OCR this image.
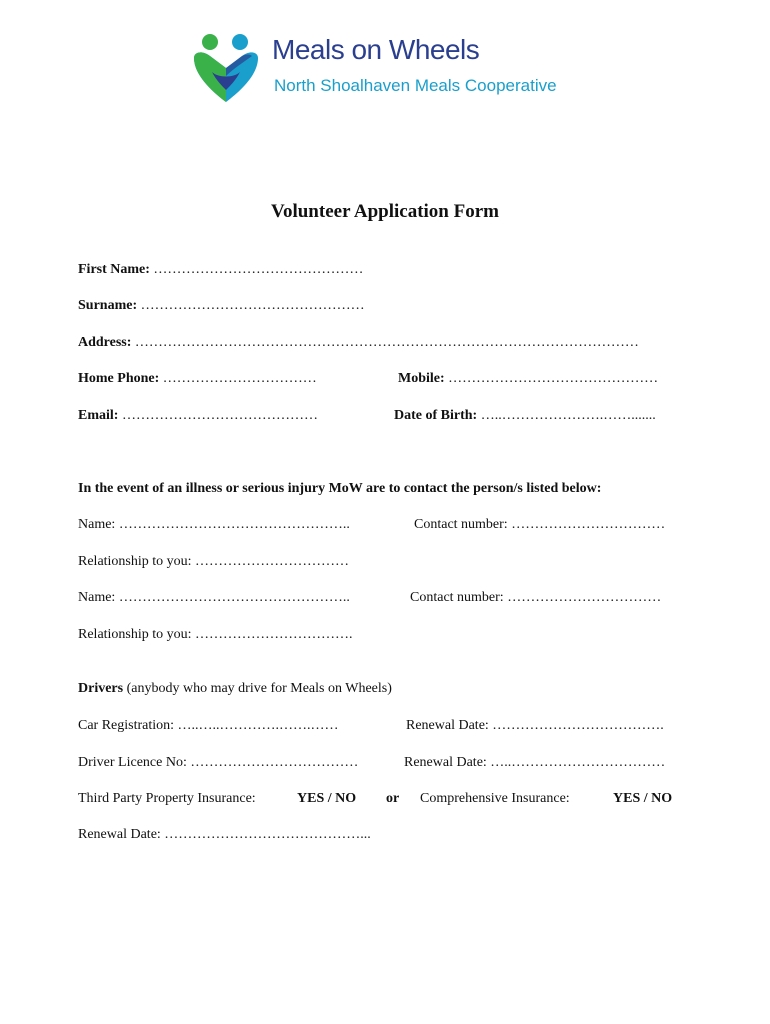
Meals on Wheels
North Shoalhaven Meals Cooperative
Volunteer Application Form
First Name: ………………………………………
Surname: …………………………………………
Address: ………………………………………………………………………………………………
Home Phone: ……………………………	Mobile: ………………………………………
Email: ……………………………………	Date of Birth: …..………………….…….......​
In the event of an illness or serious injury MoW are to contact the person/s listed below:
Name: …………………………………………..	Contact number: ……………………………
Relationship to you: ……………………………
Name: …………………………………………..	Contact number: ……………………………
Relationship to you: …………………………….
Drivers (anybody who may drive for Meals on Wheels)
Car Registration: …..…..………….…….……	Renewal Date: ……………………………….
Driver Licence No: ………………………………	Renewal Date: …..……………………………
Third Party Property Insurance:	YES / NO or Comprehensive Insurance:	YES / NO
Renewal Date: ……………………………………...
